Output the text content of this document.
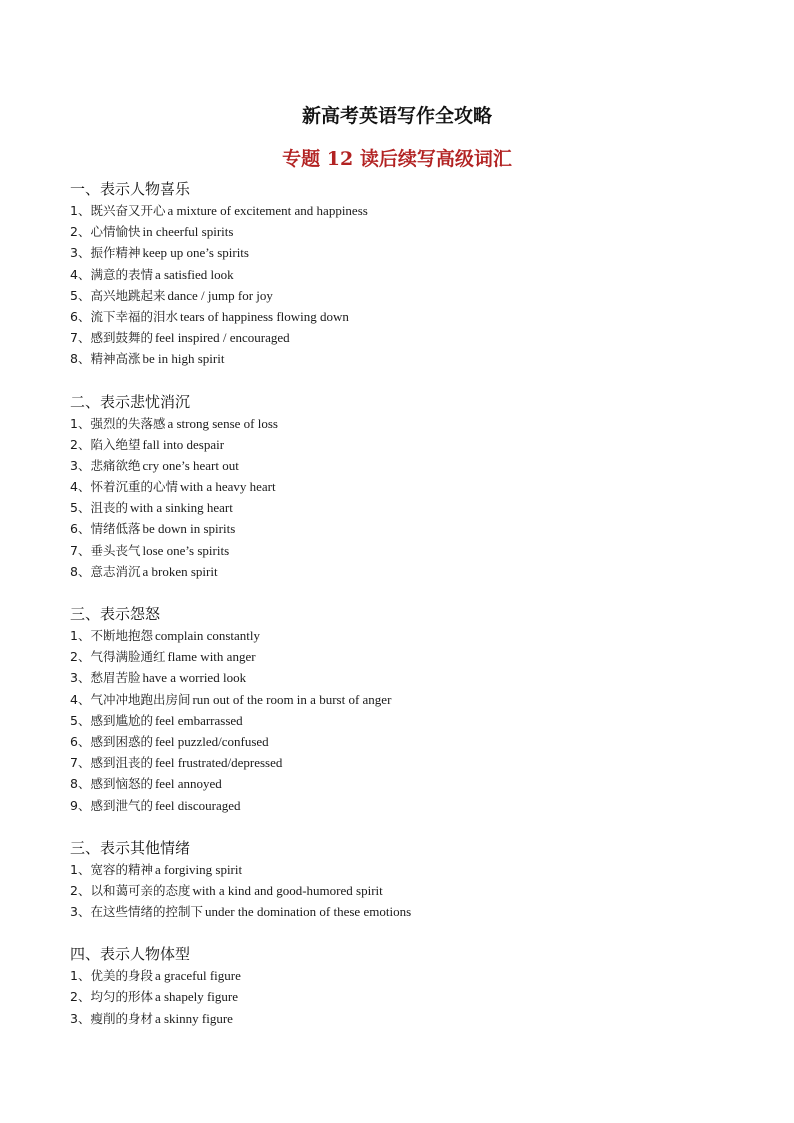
新高考英语写作全攻略
专题 12 读后续写高级词汇
一、表示人物喜乐
1、既兴奋又开心 a mixture of excitement and happiness
2、心情愉快 in cheerful spirits
3、振作精神 keep up one’s spirits
4、满意的表情 a satisfied look
5、高兴地跳起来 dance / jump for joy
6、流下幸福的泪水 tears of happiness flowing down
7、感到鼓舞的 feel inspired / encouraged
8、精神高涨 be in high spirit
二、表示悲忧消沉
1、强烈的失落感 a strong sense of loss
2、陷入绝望 fall into despair
3、悲痛欲绝 cry one’s heart out
4、怀着沉重的心情 with a heavy heart
5、沮丧的 with a sinking heart
6、情绪低落 be down in spirits
7、垂头丧气 lose one’s spirits
8、意志消沉 a broken spirit
三、表示怨怒
1、不断地抱怨 complain constantly
2、气得满脸通红 flame with anger
3、愁眉苦脸 have a worried look
4、气冲冲地跑出房间 run out of the room in a burst of anger
5、感到尴尬的 feel embarrassed
6、感到困惑的 feel puzzled/confused
7、感到沮丧的 feel frustrated/depressed
8、感到恼怒的 feel annoyed
9、感到泄气的 feel discouraged
三、表示其他情绪
1、宽容的精神 a forgiving spirit
2、以和蔼可亲的态度 with a kind and good-humored spirit
3、在这些情绪的控制下 under the domination of these emotions
四、表示人物体型
1、优美的身段 a graceful figure
2、均匀的形体 a shapely figure
3、瘦削的身材 a skinny figure
